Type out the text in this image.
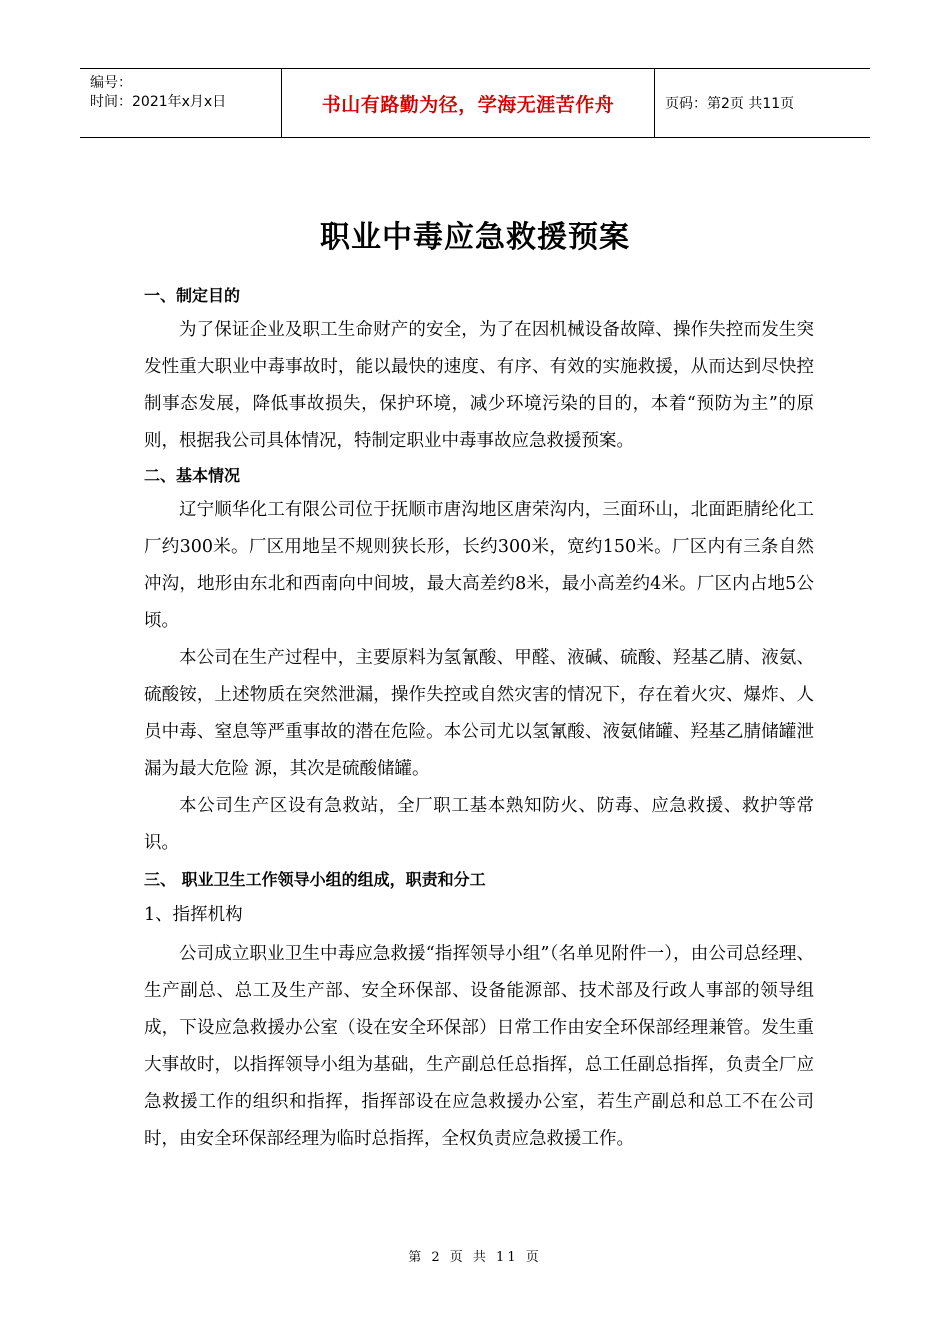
编号：
时间：2021年x月x日	书山有路勤为径，学海无涯苦作舟	页码：第2页 共11页
职业中毒应急救援预案

一、制定目的

为了保证企业及职工生命财产的安全，为了在因机械设备故障、操作失控而发生突发性重大职业中毒事故时，能以最快的速度、有序、有效的实施救援，从而达到尽快控制事态发展，降低事故损失，保护环境，减少环境污染的目的，本着“预防为主”的原则，根据我公司具体情况，特制定职业中毒事故应急救援预案。

二、基本情况

辽宁顺华化工有限公司位于抚顺市唐沟地区唐荣沟内，三面环山，北面距腈纶化工厂约300米。厂区用地呈不规则狭长形，长约300米，宽约150米。厂区内有三条自然冲沟，地形由东北和西南向中间坡，最大高差约8米，最小高差约4米。厂区内占地5公顷。

本公司在生产过程中，主要原料为氢氰酸、甲醛、液碱、硫酸、羟基乙腈、液氨、硫酸铵，上述物质在突然泄漏，操作失控或自然灾害的情况下，存在着火灾、爆炸、人员中毒、窒息等严重事故的潜在危险。本公司尤以氢氰酸、液氨储罐、羟基乙腈储罐泄漏为最大危险 源，其次是硫酸储罐。

本公司生产区设有急救站，全厂职工基本熟知防火、防毒、应急救援、救护等常识。

三、 职业卫生工作领导小组的组成，职责和分工

1、指挥机构

公司成立职业卫生中毒应急救援“指挥领导小组”（名单见附件一），由公司总经理、生产副总、总工及生产部、安全环保部、设备能源部、技术部及行政人事部的领导组成，下设应急救援办公室（设在安全环保部）日常工作由安全环保部经理兼管。发生重大事故时，以指挥领导小组为基础，生产副总任总指挥，总工任副总指挥，负责全厂应急救援工作的组织和指挥，指挥部设在应急救援办公室，若生产副总和总工不在公司时，由安全环保部经理为临时总指挥，全权负责应急救援工作。

第 2 页 共 11 页
